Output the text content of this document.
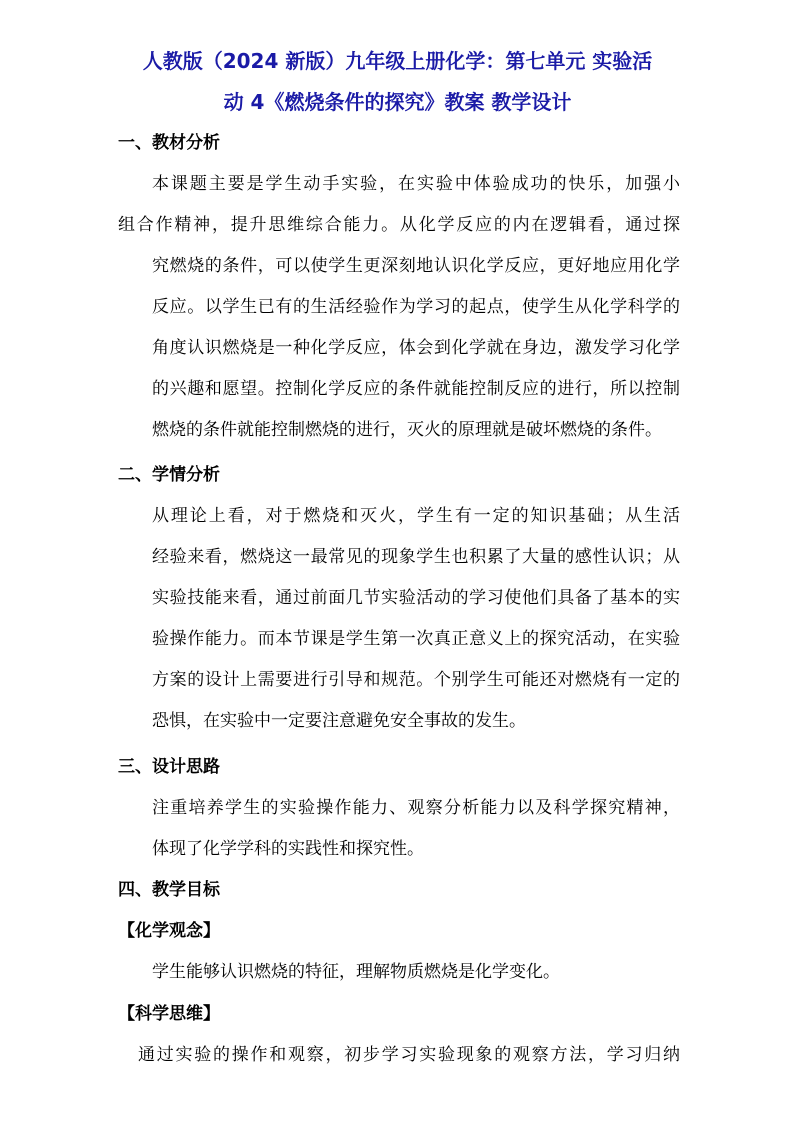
人教版（2024 新版）九年级上册化学：第七单元 实验活
动 4《燃烧条件的探究》教案 教学设计
一、教材分析
本课题主要是学生动手实验，在实验中体验成功的快乐，加强小
组合作精神，提升思维综合能力。从化学反应的内在逻辑看，通过探
究燃烧的条件，可以使学生更深刻地认识化学反应，更好地应用化学
反应。以学生已有的生活经验作为学习的起点，使学生从化学科学的
角度认识燃烧是一种化学反应，体会到化学就在身边，激发学习化学
的兴趣和愿望。控制化学反应的条件就能控制反应的进行，所以控制
燃烧的条件就能控制燃烧的进行，灭火的原理就是破坏燃烧的条件。
二、学情分析
从理论上看，对于燃烧和灭火，学生有一定的知识基础；从生活
经验来看，燃烧这一最常见的现象学生也积累了大量的感性认识；从
实验技能来看，通过前面几节实验活动的学习使他们具备了基本的实
验操作能力。而本节课是学生第一次真正意义上的探究活动，在实验
方案的设计上需要进行引导和规范。个别学生可能还对燃烧有一定的
恐惧，在实验中一定要注意避免安全事故的发生。
三、设计思路
注重培养学生的实验操作能力、观察分析能力以及科学探究精神，
体现了化学学科的实践性和探究性。
四、教学目标
【化学观念】
学生能够认识燃烧的特征，理解物质燃烧是化学变化。
【科学思维】
通过实验的操作和观察，初步学习实验现象的观察方法，学习归纳
